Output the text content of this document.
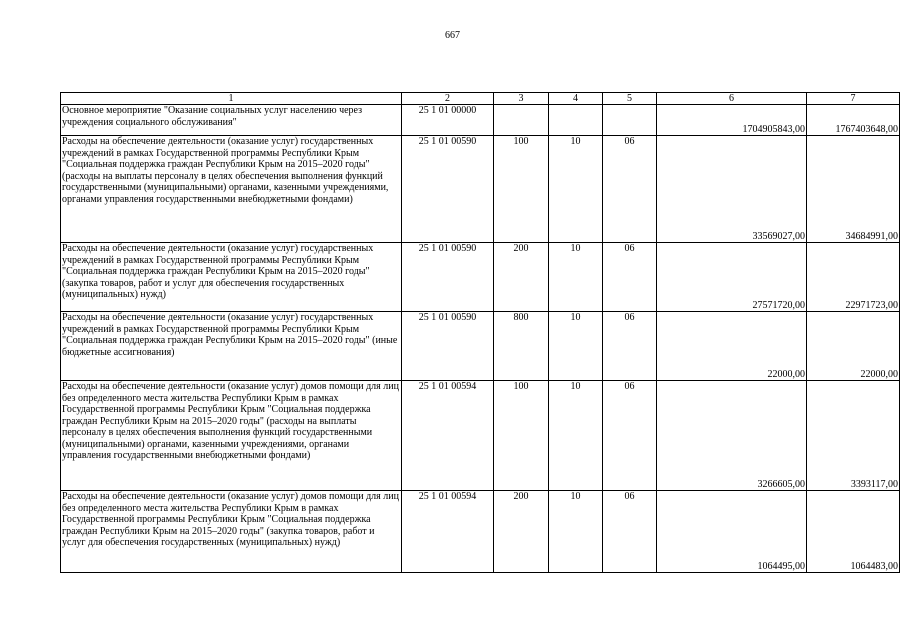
667
1	2	3	4	5	6	7
Основное мероприятие "Оказание социальных услуг населению через учреждения социального обслуживания"	25 1 01 00000				1704905843,00	1767403648,00
Расходы на обеспечение деятельности (оказание услуг) государственных учреждений в рамках Государственной программы Республики Крым "Социальная поддержка граждан Республики Крым на 2015–2020 годы" (расходы на выплаты персоналу в целях обеспечения выполнения функций государственными (муниципальными) органами, казенными учреждениями, органами управления государственными внебюджетными фондами)	25 1 01 00590	100	10	06	33569027,00	34684991,00
Расходы на обеспечение деятельности (оказание услуг) государственных учреждений в рамках Государственной программы Республики Крым "Социальная поддержка граждан Республики Крым на 2015–2020 годы" (закупка товаров, работ и услуг для обеспечения государственных (муниципальных) нужд)	25 1 01 00590	200	10	06	27571720,00	22971723,00
Расходы на обеспечение деятельности (оказание услуг) государственных учреждений в рамках Государственной программы Республики Крым "Социальная поддержка граждан Республики Крым на 2015–2020 годы" (иные бюджетные ассигнования)	25 1 01 00590	800	10	06	22000,00	22000,00
Расходы на обеспечение деятельности (оказание услуг) домов помощи для лиц без определенного места жительства Республики Крым в рамках Государственной программы Республики Крым "Социальная поддержка граждан Республики Крым на 2015–2020 годы" (расходы на выплаты персоналу в целях обеспечения выполнения функций государственными (муниципальными) органами, казенными учреждениями, органами управления государственными внебюджетными фондами)	25 1 01 00594	100	10	06	3266605,00	3393117,00
Расходы на обеспечение деятельности (оказание услуг) домов помощи для лиц без определенного места жительства Республики Крым в рамках Государственной программы Республики Крым "Социальная поддержка граждан Республики Крым на 2015–2020 годы" (закупка товаров, работ и услуг для обеспечения государственных (муниципальных) нужд)	25 1 01 00594	200	10	06	1064495,00	1064483,00
